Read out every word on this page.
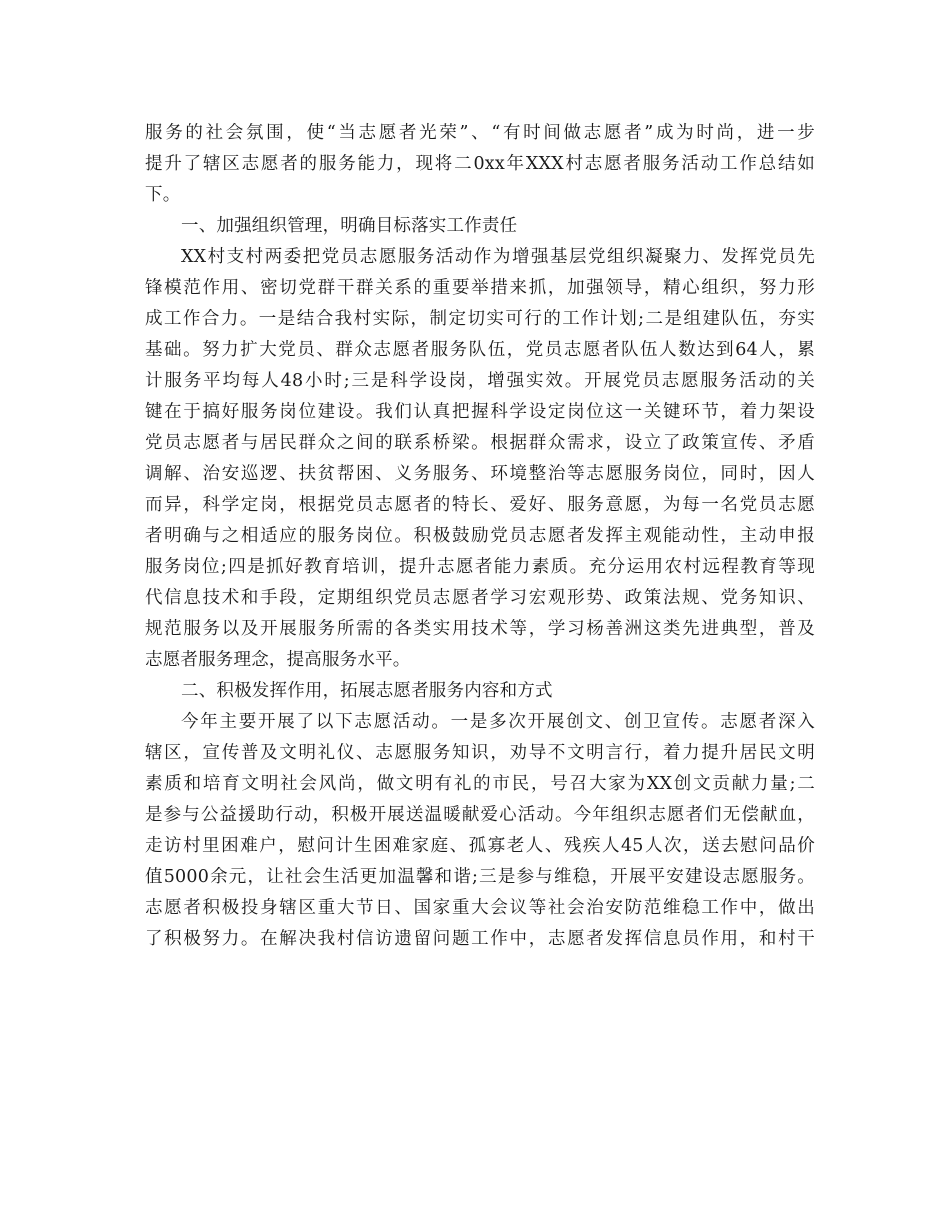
服务的社会氛围，使“当志愿者光荣”、“有时间做志愿者”成为时尚，进一步
提升了辖区志愿者的服务能力，现将二0xx年XXX村志愿者服务活动工作总结如
下。
一、加强组织管理，明确目标落实工作责任
XX村支村两委把党员志愿服务活动作为增强基层党组织凝聚力、发挥党员先
锋模范作用、密切党群干群关系的重要举措来抓，加强领导，精心组织，努力形
成工作合力。一是结合我村实际，制定切实可行的工作计划;二是组建队伍，夯实
基础。努力扩大党员、群众志愿者服务队伍，党员志愿者队伍人数达到64人，累
计服务平均每人48小时;三是科学设岗，增强实效。开展党员志愿服务活动的关
键在于搞好服务岗位建设。我们认真把握科学设定岗位这一关键环节，着力架设
党员志愿者与居民群众之间的联系桥梁。根据群众需求，设立了政策宣传、矛盾
调解、治安巡逻、扶贫帮困、义务服务、环境整治等志愿服务岗位，同时，因人
而异，科学定岗，根据党员志愿者的特长、爱好、服务意愿，为每一名党员志愿
者明确与之相适应的服务岗位。积极鼓励党员志愿者发挥主观能动性，主动申报
服务岗位;四是抓好教育培训，提升志愿者能力素质。充分运用农村远程教育等现
代信息技术和手段，定期组织党员志愿者学习宏观形势、政策法规、党务知识、
规范服务以及开展服务所需的各类实用技术等，学习杨善洲这类先进典型，普及
志愿者服务理念，提高服务水平。
二、积极发挥作用，拓展志愿者服务内容和方式
今年主要开展了以下志愿活动。一是多次开展创文、创卫宣传。志愿者深入
辖区，宣传普及文明礼仪、志愿服务知识，劝导不文明言行，着力提升居民文明
素质和培育文明社会风尚，做文明有礼的市民，号召大家为XX创文贡献力量;二
是参与公益援助行动，积极开展送温暖献爱心活动。今年组织志愿者们无偿献血，
走访村里困难户，慰问计生困难家庭、孤寡老人、残疾人45人次，送去慰问品价
值5000余元，让社会生活更加温馨和谐;三是参与维稳，开展平安建设志愿服务。
志愿者积极投身辖区重大节日、国家重大会议等社会治安防范维稳工作中，做出
了积极努力。在解决我村信访遗留问题工作中，志愿者发挥信息员作用，和村干
